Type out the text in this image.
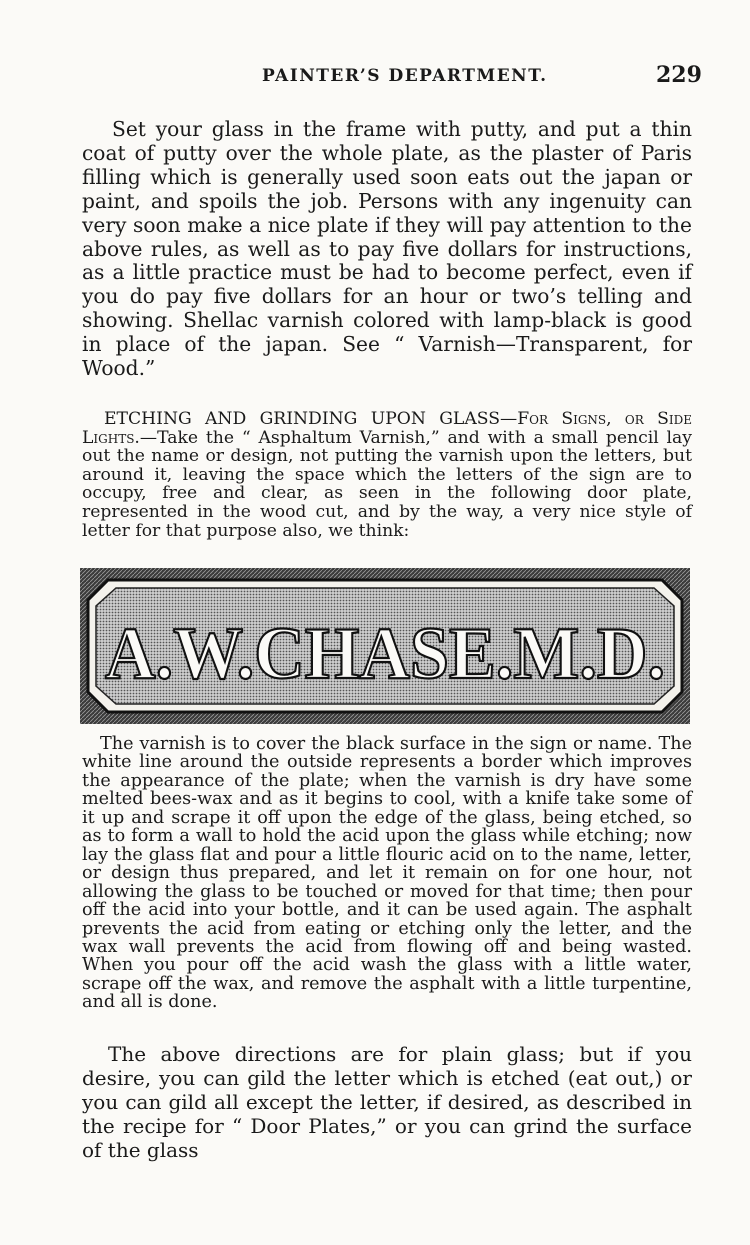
PAINTER’S DEPARTMENT.	229
Set your glass in the frame with putty, and put a thin coat of putty over the whole plate, as the plaster of Paris filling which is generally used soon eats out the japan or paint, and spoils the job. Persons with any ingenuity can very soon make a nice plate if they will pay attention to the above rules, as well as to pay five dollars for instructions, as a little practice must be had to become perfect, even if you do pay five dollars for an hour or two’s telling and showing. Shellac varnish colored with lamp-black is good in place of the japan. See “ Varnish—Transparent, for Wood.”
ETCHING AND GRINDING UPON GLASS—For Signs, or Side Lights.—Take the “ Asphaltum Varnish,” and with a small pencil lay out the name or design, not putting the varnish upon the letters, but around it, leaving the space which the letters of the sign are to occupy, free and clear, as seen in the following door plate, represented in the wood cut, and by the way, a very nice style of letter for that purpose also, we think:
A.W.CHASE.M.D.
The varnish is to cover the black surface in the sign or name. The white line around the outside represents a border which improves the appearance of the plate; when the varnish is dry have some melted bees-wax and as it begins to cool, with a knife take some of it up and scrape it off upon the edge of the glass, being etched, so as to form a wall to hold the acid upon the glass while etching; now lay the glass flat and pour a little flouric acid on to the name, letter, or design thus prepared, and let it remain on for one hour, not allowing the glass to be touched or moved for that time; then pour off the acid into your bottle, and it can be used again. The asphalt prevents the acid from eating or etching only the letter, and the wax wall prevents the acid from flowing off and being wasted. When you pour off the acid wash the glass with a little water, scrape off the wax, and remove the asphalt with a little turpentine, and all is done.
The above directions are for plain glass; but if you desire, you can gild the letter which is etched (eat out,) or you can gild all except the letter, if desired, as described in the recipe for “ Door Plates,” or you can grind the surface of the glass
